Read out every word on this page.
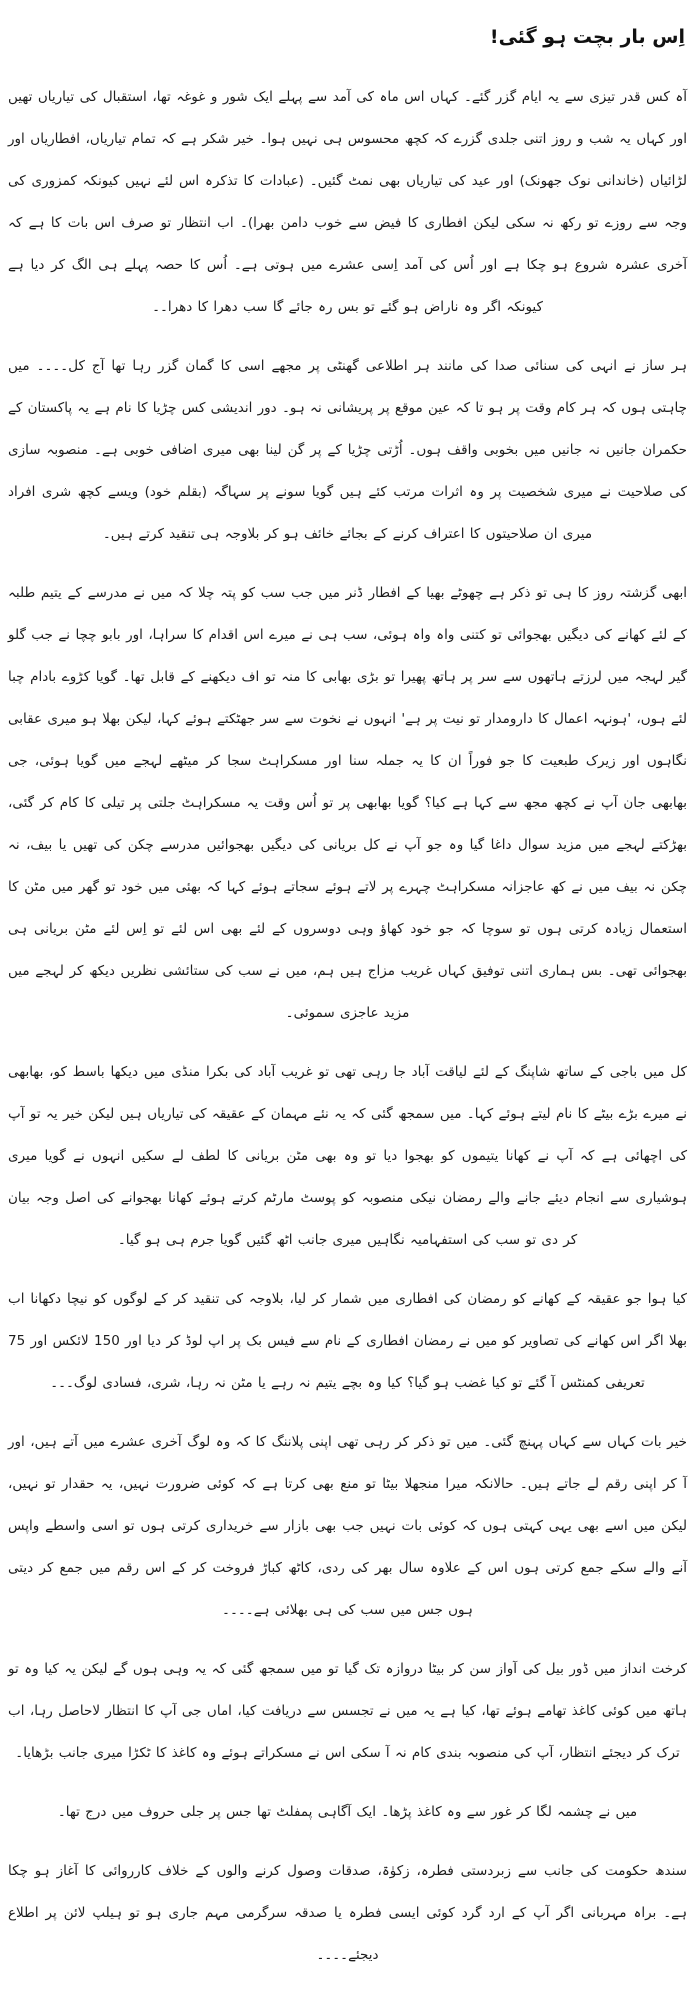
اِس بار بچت ہو گئی!

آہ کس قدر تیزی سے یہ ایام گزر گئے۔ کہاں اس ماہ کی آمد سے پہلے ایک شور و غوغہ تھا، استقبال کی تیاریاں تھیں اور کہاں یہ شب و روز اتنی جلدی گزرے کہ کچھ محسوس ہی نہیں ہوا۔ خیر شکر ہے کہ تمام تیاریاں، افطاریاں اور لڑائیاں (خاندانی نوک جھونک) اور عید کی تیاریاں بھی نمٹ گئیں۔ (عبادات کا تذکرہ اس لئے نہیں کیونکہ کمزوری کی وجہ سے روزے تو رکھ نہ سکی لیکن افطاری کا فیض سے خوب دامن بھرا)۔ اب انتظار تو صرف اس بات کا ہے کہ آخری عشرہ شروع ہو چکا ہے اور اُس کی آمد اِسی عشرے میں ہوتی ہے۔ اُس کا حصہ پہلے ہی الگ کر دیا ہے کیونکہ اگر وہ ناراض ہو گئے تو بس رہ جائے گا سب دھرا کا دھرا۔۔

ہر ساز نے انہی کی سنائی صدا کی مانند ہر اطلاعی گھنٹی پر مجھے اسی کا گمان گزر رہا تھا آج کل۔۔۔۔ میں چاہتی ہوں کہ ہر کام وقت پر ہو تا کہ عین موقع پر پریشانی نہ ہو۔ دور اندیشی کس چڑیا کا نام ہے یہ پاکستان کے حکمران جانیں نہ جانیں میں بخوبی واقف ہوں۔ اُڑتی چڑیا کے پر گن لینا بھی میری اضافی خوبی ہے۔ منصوبہ سازی کی صلاحیت نے میری شخصیت پر وہ اثرات مرتب کئے ہیں گویا سونے پر سہاگہ (بقلم خود) ویسے کچھ شری افراد میری ان صلاحیتوں کا اعتراف کرنے کے بجائے خائف ہو کر بلاوجہ ہی تنقید کرتے ہیں۔

ابھی گزشتہ روز کا ہی تو ذکر ہے چھوٹے بھیا کے افطار ڈنر میں جب سب کو پتہ چلا کہ میں نے مدرسے کے یتیم طلبہ کے لئے کھانے کی دیگیں بھجوائی تو کتنی واہ واہ ہوئی، سب ہی نے میرے اس اقدام کا سراہا، اور بابو چچا نے جب گلو گیر لہجہ میں لرزتے ہاتھوں سے سر پر ہاتھ پھیرا تو بڑی بھابی کا منہ تو اف دیکھنے کے قابل تھا۔ گویا کڑوے بادام چبا لئے ہوں، 'ہونہہ اعمال کا دارومدار تو نیت پر ہے' انہوں نے نخوت سے سر جھٹکتے ہوئے کہا، لیکن بھلا ہو میری عقابی نگاہوں اور زیرک طبعیت کا جو فوراً ان کا یہ جملہ سنا اور مسکراہٹ سجا کر میٹھے لہجے میں گویا ہوئی، جی بھابھی جان آپ نے کچھ مجھ سے کہا ہے کیا؟ گویا بھابھی پر تو اُس وقت یہ مسکراہٹ جلتی پر تیلی کا کام کر گئی، بھڑکتے لہجے میں مزید سوال داغا گیا وہ جو آپ نے کل بریانی کی دیگیں بھجوائیں مدرسے چکن کی تھیں یا بیف، نہ چکن نہ بیف میں نے کھ عاجزانہ مسکراہٹ چہرے پر لاتے ہوئے سجاتے ہوئے کہا کہ بھئی میں خود تو گھر میں مٹن کا استعمال زیادہ کرتی ہوں تو سوچا کہ جو خود کھاؤ وہی دوسروں کے لئے بھی اس لئے تو اِس لئے مٹن بریانی ہی بھجوائی تھی۔ بس ہماری اتنی توفیق کہاں غریب مزاج ہیں ہم، میں نے سب کی ستائشی نظریں دیکھ کر لہجے میں مزید عاجزی سموئی۔

کل میں باجی کے ساتھ شاپنگ کے لئے لیاقت آباد جا رہی تھی تو غریب آباد کی بکرا منڈی میں دیکھا باسط کو، بھابھی نے میرے بڑے بیٹے کا نام لیتے ہوئے کہا۔ میں سمجھ گئی کہ یہ نئے مہمان کے عقیقہ کی تیاریاں ہیں لیکن خیر یہ تو آپ کی اچھائی ہے کہ آپ نے کھانا یتیموں کو بھجوا دیا تو وہ بھی مٹن بریانی کا لطف لے سکیں انہوں نے گویا میری ہوشیاری سے انجام دیئے جانے والے رمضان نیکی منصوبہ کو پوسٹ مارٹم کرتے ہوئے کھانا بھجوانے کی اصل وجہ بیان کر دی تو سب کی استفہامیہ نگاہیں میری جانب اٹھ گئیں گویا جرم ہی ہو گیا۔

کیا ہوا جو عقیقہ کے کھانے کو رمضان کی افطاری میں شمار کر لیا، بلاوجہ کی تنقید کر کے لوگوں کو نیچا دکھانا اب بھلا اگر اس کھانے کی تصاویر کو میں نے رمضان افطاری کے نام سے فیس بک پر اپ لوڈ کر دیا اور 150 لائکس اور 75 تعریفی کمنٹس آ گئے تو کیا غضب ہو گیا؟ کیا وہ بچے یتیم نہ رہے یا مٹن نہ رہا، شری، فسادی لوگ۔۔۔

خیر بات کہاں سے کہاں پہنچ گئی۔ میں تو ذکر کر رہی تھی اپنی پلاننگ کا کہ وہ لوگ آخری عشرے میں آتے ہیں، اور آ کر اپنی رقم لے جاتے ہیں۔ حالانکہ میرا منجھلا بیٹا تو منع بھی کرتا ہے کہ کوئی ضرورت نہیں، یہ حقدار تو نہیں، لیکن میں اسے بھی یہی کہتی ہوں کہ کوئی بات نہیں جب بھی بازار سے خریداری کرتی ہوں تو اسی واسطے واپس آنے والے سکے جمع کرتی ہوں اس کے علاوہ سال بھر کی ردی، کاٹھ کباڑ فروخت کر کے اس رقم میں جمع کر دیتی ہوں جس میں سب کی ہی بھلائی ہے۔۔۔۔

کرخت انداز میں ڈور بیل کی آواز سن کر بیٹا دروازہ تک گیا تو میں سمجھ گئی کہ یہ وہی ہوں گے لیکن یہ کیا وہ تو ہاتھ میں کوئی کاغذ تھامے ہوئے تھا، کیا ہے یہ میں نے تجسس سے دریافت کیا، اماں جی آپ کا انتظار لاحاصل رہا، اب ترک کر دیجئے انتظار، آپ کی منصوبہ بندی کام نہ آ سکی اس نے مسکراتے ہوئے وہ کاغذ کا ٹکڑا میری جانب بڑھایا۔

میں نے چشمہ لگا کر غور سے وہ کاغذ پڑھا۔ ایک آگاہی پمفلٹ تھا جس پر جلی حروف میں درج تھا۔

سندھ حکومت کی جانب سے زبردستی فطرہ، زکوٰۃ، صدقات وصول کرنے والوں کے خلاف کارروائی کا آغاز ہو چکا ہے۔ براہ مہربانی اگر آپ کے ارد گرد کوئی ایسی فطرہ یا صدقہ سرگرمی مہم جاری ہو تو ہیلپ لائن پر اطلاع دیجئے۔۔۔۔
